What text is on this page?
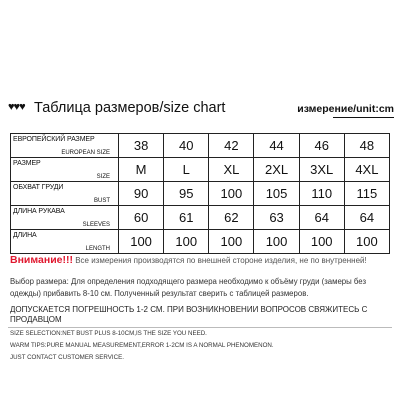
♥♥♥ Таблица размеров/size chart	измерение/unit:cm
ЕВРОПЕЙСКИЙ РАЗМЕР
EUROPEAN SIZE	38	40	42	44	46	48

РАЗМЕР
SIZE	M	L	XL	2XL	3XL	4XL

ОБХВАТ ГРУДИ
BUST	90	95	100	105	110	115

ДЛИНА РУКАВА
SLEEVES	60	61	62	63	64	64

ДЛИНА
LENGTH	100	100	100	100	100	100
Внимание!!! Все измерения производятся по внешней стороне изделия, не по внутренней!
Выбор размера: Для определения подходящего размера необходимо к объёму груди (замеры без одежды) прибавить 8-10 см. Полученный результат сверить с таблицей размеров.
ДОПУСКАЕТСЯ ПОГРЕШНОСТЬ 1-2 СМ. ПРИ ВОЗНИКНОВЕНИИ ВОПРОСОВ СВЯЖИТЕСЬ С ПРОДАВЦОМ
SIZE SELECTION:NET BUST PLUS 8-10CM,IS THE SIZE YOU NEED.
WARM TIPS:PURE MANUAL MEASUREMENT,ERROR 1-2CM IS A NORMAL PHENOMENON.
JUST CONTACT CUSTOMER SERVICE.
